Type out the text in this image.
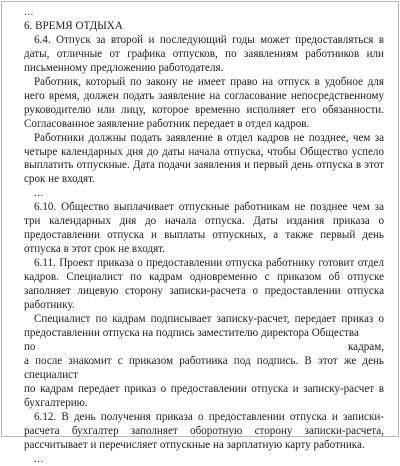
...

6. ВРЕМЯ ОТДЫХА

6.4. Отпуск за второй и последующий годы может предоставляться в даты, отличные от графика отпусков, по заявлениям работников или письменному предложению работодателя.

Работник, который по закону не имеет право на отпуск в удобное для него время, должен подать заявление на согласование непосредственному руководителю или лицу, которое временно исполняет его обязанности. Согласованное заявление работник передает в отдел кадров.

Работники должны подать заявление в отдел кадров не позднее, чем за четыре календарных дня до даты начала отпуска, чтобы Общество успело выплатить отпускные. Дата подачи заявления и первый день отпуска в этот срок не входят.

...

6.10. Общество выплачивает отпускные работникам не позднее чем за три календарных дня до начала отпуска. Даты издания приказа о предоставлении отпуска и выплаты отпускных, а также первый день отпуска в этот срок не входят.

6.11. Проект приказа о предоставлении отпуска работнику готовит отдел кадров. Специалист по кадрам одновременно с приказом об отпуске заполняет лицевую сторону записки-расчета о предоставлении отпуска работнику.

Специалист по кадрам подписывает записку-расчет, передает приказ о предоставлении отпуска на подпись заместителю директора Общества

по	кадрам,

а после знакомит с приказом работника под подпись. В этот же день специалист

по кадрам передает приказ о предоставлении отпуска и записку-расчет в бухгалтерию.

6.12. В день получения приказа о предоставлении отпуска и записки-расчета бухгалтер заполняет оборотную сторону записки-расчета, рассчитывает и перечисляет отпускные на зарплатную карту работника.

...
